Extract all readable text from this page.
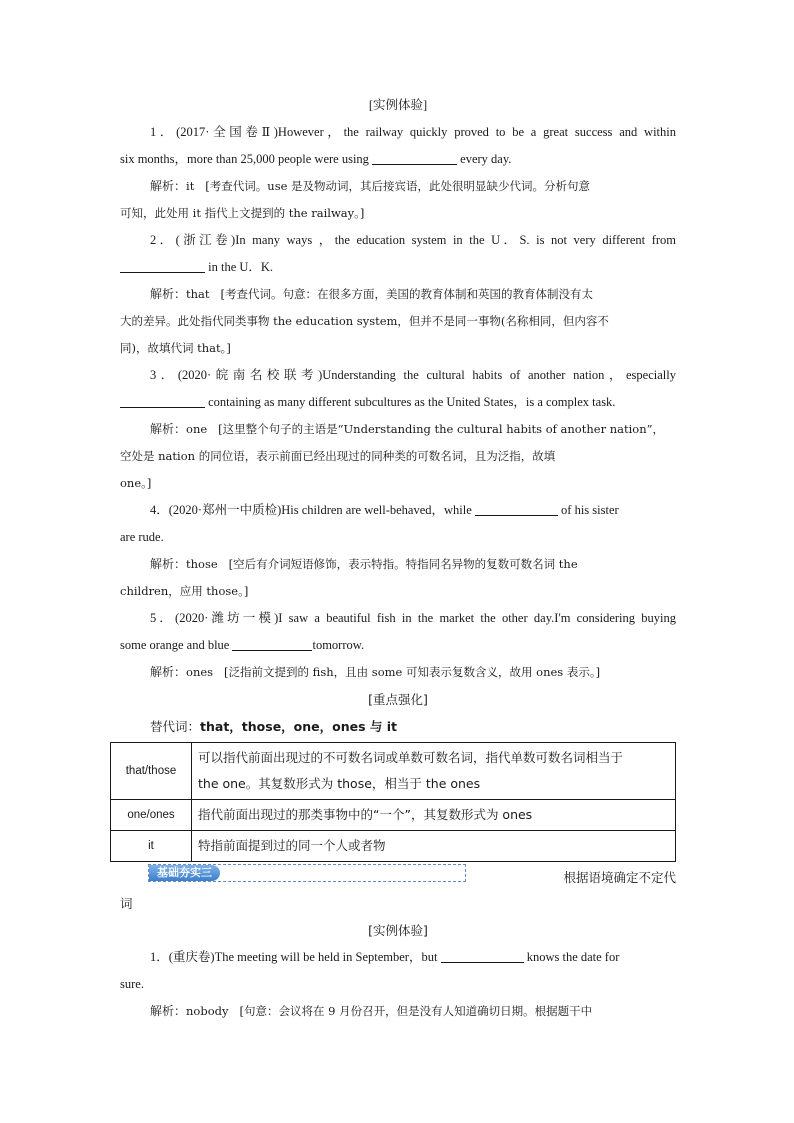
[实例体验]
1．(2017·全国卷Ⅱ)However，the railway quickly proved to be a great success and within
six months，more than 25,000 people were using	every day.
解析：it [考查代词。use 是及物动词，其后接宾语，此处很明显缺少代词。分析句意
可知，此处用 it 指代上文提到的 the railway。]
2．(浙江卷)In many ways ，the education system in the U．S. is not very different from
in the U．K.
解析：that [考查代词。句意：在很多方面，美国的教育体制和英国的教育体制没有太
大的差异。此处指代同类事物 the education system，但并不是同一事物(名称相同，但内容不
同)，故填代词 that。]
3．(2020·皖南名校联考)Understanding the cultural habits of another nation，especially
containing as many different subcultures as the United States，is a complex task.
解析：one [这里整个句子的主语是“Understanding the cultural habits of another nation”，
空处是 nation 的同位语，表示前面已经出现过的同种类的可数名词，且为泛指，故填
one。]
4．(2020·郑州一中质检)His children are well-behaved，while	of his sister
are rude.
解析：those [空后有介词短语修饰，表示特指。特指同名异物的复数可数名词 the
children，应用 those。]
5．(2020·潍坊一模)I saw a beautiful fish in the market the other day.I'm considering buying
some orange and blue	tomorrow.
解析：ones [泛指前文提到的 fish，且由 some 可知表示复数含义，故用 ones 表示。]
[重点强化]
替代词：that，those，one，ones 与 it
that/those	可以指代前面出现过的不可数名词或单数可数名词，指代单数可数名词相当于
the one。其复数形式为 those，相当于 the ones

one/ones	指代前面出现过的那类事物中的“一个”，其复数形式为 ones
it	特指前面提到过的同一个人或者物
基础夯实三	根据语境确定不定代
词
[实例体验]
1．(重庆卷)The meeting will be held in September，but	knows the date for
sure.
解析：nobody [句意：会议将在 9 月份召开，但是没有人知道确切日期。根据题干中
